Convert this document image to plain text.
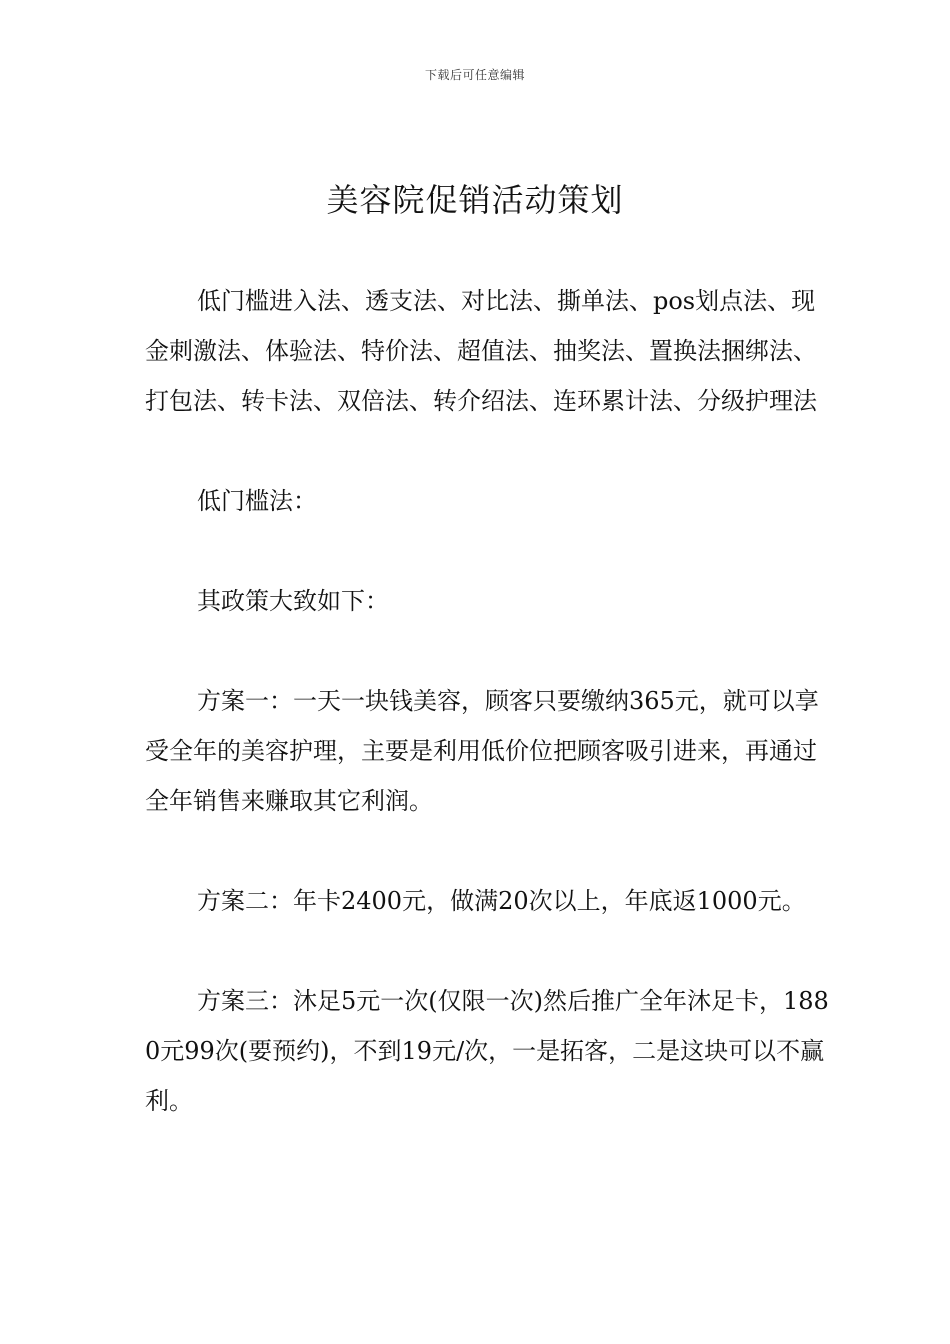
下载后可任意编辑
美容院促销活动策划

低门槛进入法、透支法、对比法、撕单法、pos划点法、现金刺激法、体验法、特价法、超值法、抽奖法、置换法捆绑法、打包法、转卡法、双倍法、转介绍法、连环累计法、分级护理法

低门槛法：

其政策大致如下：

方案一：一天一块钱美容，顾客只要缴纳365元，就可以享受全年的美容护理，主要是利用低价位把顾客吸引进来，再通过全年销售来赚取其它利润。

方案二：年卡2400元，做满20次以上，年底返1000元。

方案三：沐足5元一次(仅限一次)然后推广全年沐足卡，1880元99次(要预约)，不到19元/次，一是拓客，二是这块可以不赢利。
